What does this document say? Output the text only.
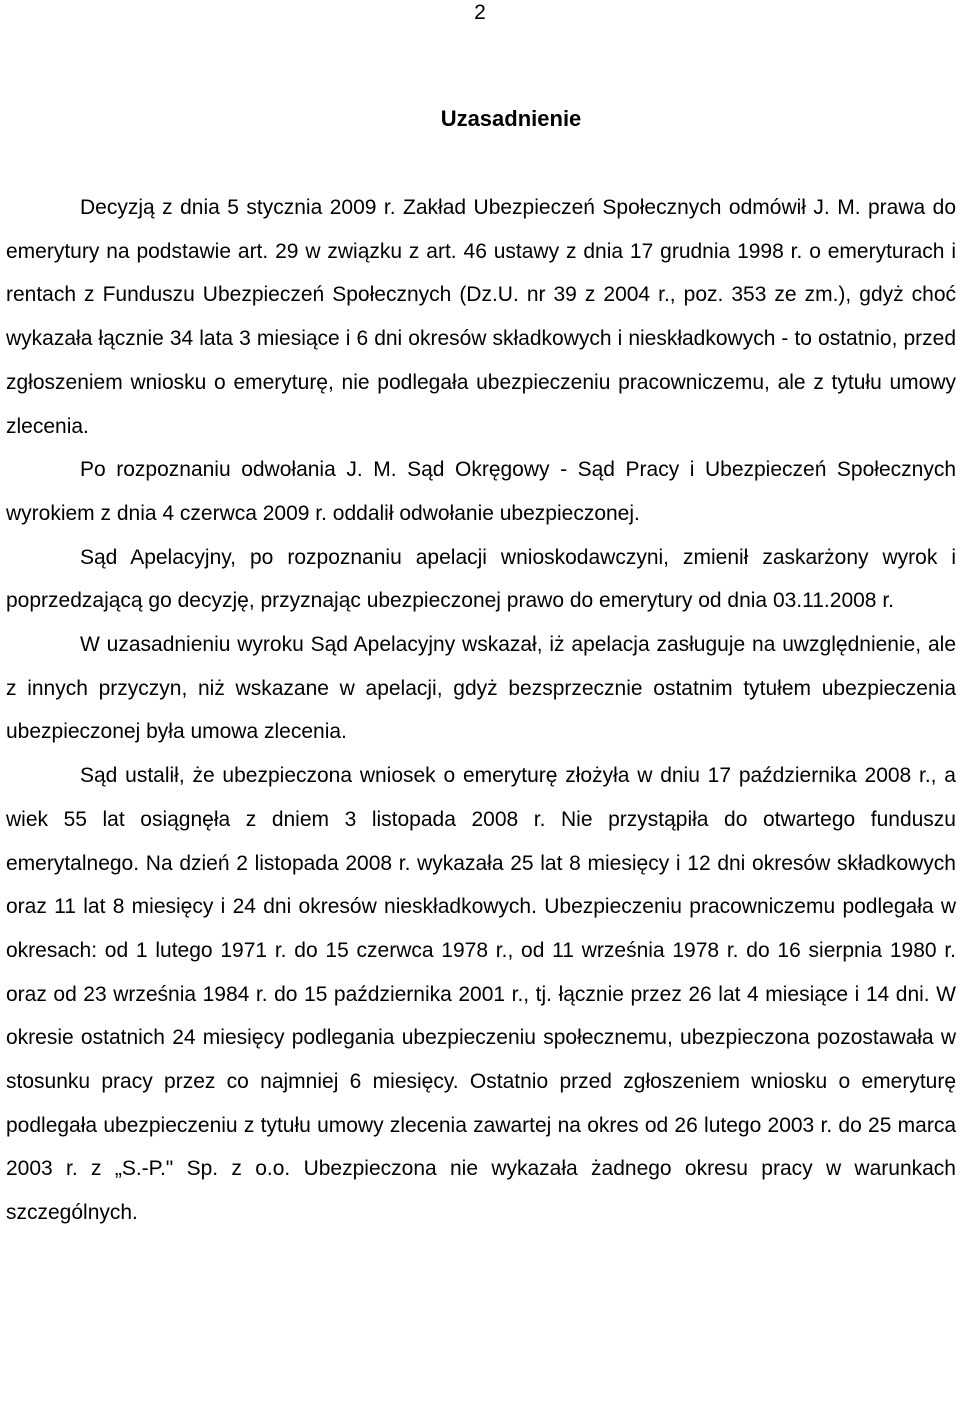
2
Uzasadnienie

Decyzją z dnia 5 stycznia 2009 r. Zakład Ubezpieczeń Społecznych odmówił J. M. prawa do emerytury na podstawie art. 29 w związku z art. 46 ustawy z dnia 17 grudnia 1998 r. o emeryturach i rentach z Funduszu Ubezpieczeń Społecznych (Dz.U. nr 39 z 2004 r., poz. 353 ze zm.), gdyż choć wykazała łącznie 34 lata 3 miesiące i 6 dni okresów składkowych i nieskładkowych - to ostatnio, przed zgłoszeniem wniosku o emeryturę, nie podlegała ubezpieczeniu pracowniczemu, ale z tytułu umowy zlecenia.

Po rozpoznaniu odwołania J. M. Sąd Okręgowy - Sąd Pracy i Ubezpieczeń Społecznych wyrokiem z dnia 4 czerwca 2009 r. oddalił odwołanie ubezpieczonej.

Sąd Apelacyjny, po rozpoznaniu apelacji wnioskodawczyni, zmienił zaskarżony wyrok i poprzedzającą go decyzję, przyznając ubezpieczonej prawo do emerytury od dnia 03.11.2008 r.

W uzasadnieniu wyroku Sąd Apelacyjny wskazał, iż apelacja zasługuje na uwzględnienie, ale z innych przyczyn, niż wskazane w apelacji, gdyż bezsprzecznie ostatnim tytułem ubezpieczenia ubezpieczonej była umowa zlecenia.

Sąd ustalił, że ubezpieczona wniosek o emeryturę złożyła w dniu 17 października 2008 r., a wiek 55 lat osiągnęła z dniem 3 listopada 2008 r. Nie przystąpiła do otwartego funduszu emerytalnego. Na dzień 2 listopada 2008 r. wykazała 25 lat 8 miesięcy i 12 dni okresów składkowych oraz 11 lat 8 miesięcy i 24 dni okresów nieskładkowych. Ubezpieczeniu pracowniczemu podlegała w okresach: od 1 lutego 1971 r. do 15 czerwca 1978 r., od 11 września 1978 r. do 16 sierpnia 1980 r. oraz od 23 września 1984 r. do 15 października 2001 r., tj. łącznie przez 26 lat 4 miesiące i 14 dni. W okresie ostatnich 24 miesięcy podlegania ubezpieczeniu społecznemu, ubezpieczona pozostawała w stosunku pracy przez co najmniej 6 miesięcy. Ostatnio przed zgłoszeniem wniosku o emeryturę podlegała ubezpieczeniu z tytułu umowy zlecenia zawartej na okres od 26 lutego 2003 r. do 25 marca 2003 r. z „S.-P." Sp. z o.o. Ubezpieczona nie wykazała żadnego okresu pracy w warunkach szczególnych.
